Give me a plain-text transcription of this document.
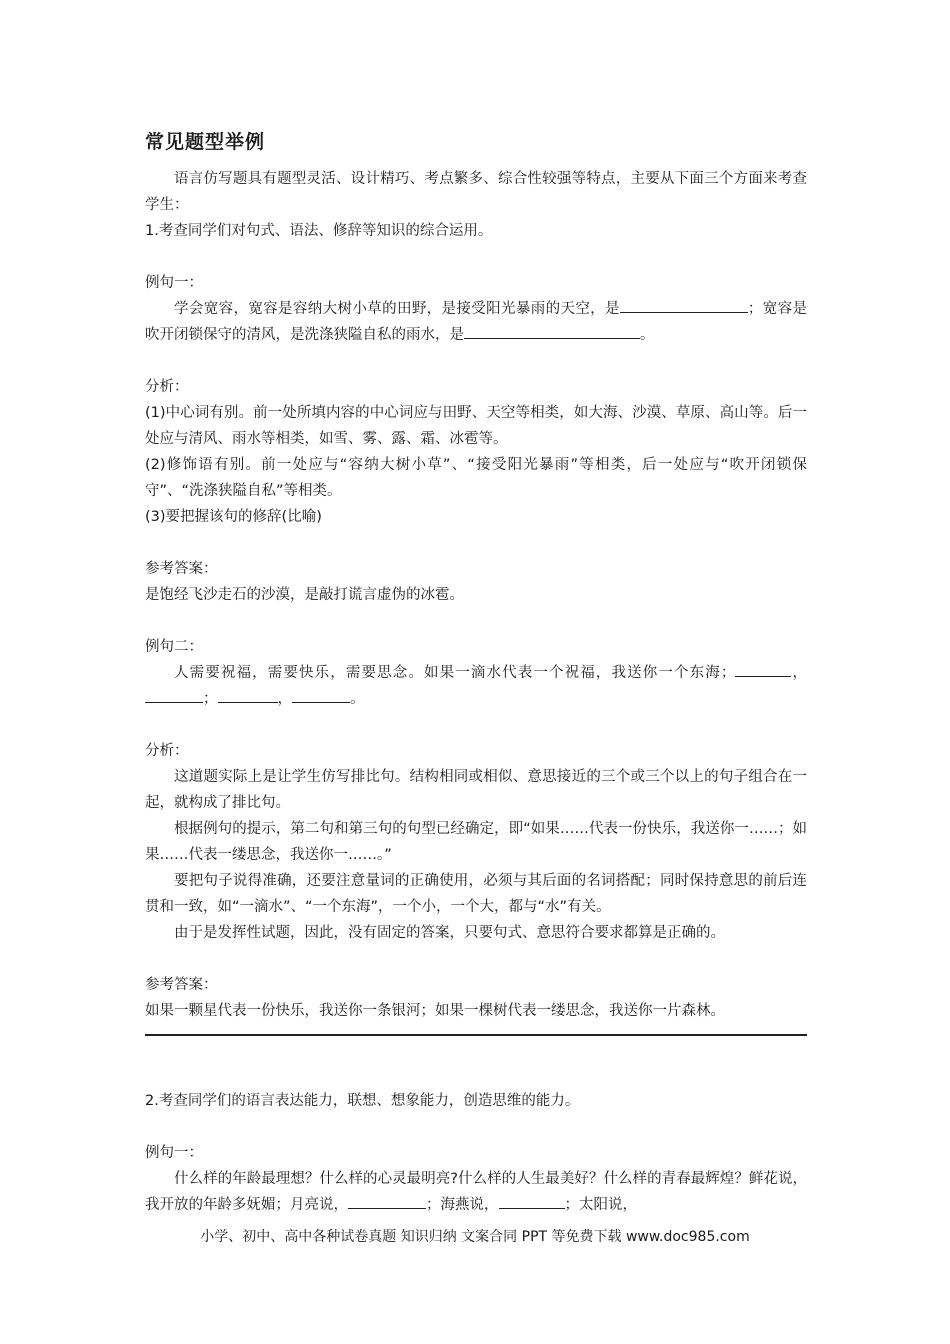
常见题型举例

语言仿写题具有题型灵活、设计精巧、考点繁多、综合性较强等特点，主要从下面三个方面来考查学生：

1.考查同学们对句式、语法、修辞等知识的综合运用。

例句一：

学会宽容，宽容是容纳大树小草的田野，是接受阳光暴雨的天空，是	；宽容是吹开闭锁保守的清风，是洗涤狭隘自私的雨水，是	。

分析：

(1)中心词有别。前一处所填内容的中心词应与田野、天空等相类，如大海、沙漠、草原、高山等。后一处应与清风、雨水等相类，如雪、雾、露、霜、冰雹等。

(2)修饰语有别。前一处应与“容纳大树小草”、“接受阳光暴雨”等相类，后一处应与“吹开闭锁保守”、“洗涤狭隘自私”等相类。

(3)要把握该句的修辞(比喻)

参考答案：

是饱经飞沙走石的沙漠，是敲打谎言虚伪的冰雹。

例句二：

人需要祝福，需要快乐，需要思念。如果一滴水代表一个祝福，我送你一个东海；	，；	，	。

分析：

这道题实际上是让学生仿写排比句。结构相同或相似、意思接近的三个或三个以上的句子组合在一起，就构成了排比句。

根据例句的提示，第二句和第三句的句型已经确定，即“如果……代表一份快乐，我送你一……；如果……代表一缕思念，我送你一……。”

要把句子说得准确，还要注意量词的正确使用，必须与其后面的名词搭配；同时保持意思的前后连贯和一致，如“一滴水”、“一个东海”，一个小，一个大，都与“水”有关。

由于是发挥性试题，因此，没有固定的答案，只要句式、意思符合要求都算是正确的。

参考答案：

如果一颗星代表一份快乐，我送你一条银河；如果一棵树代表一缕思念，我送你一片森林。

2.考查同学们的语言表达能力，联想、想象能力，创造思维的能力。

例句一：

什么样的年龄最理想？什么样的心灵最明亮?什么样的人生最美好？什么样的青春最辉煌？鲜花说，我开放的年龄多妩媚；月亮说，	；海燕说，	；太阳说，

小学、初中、高中各种试卷真题 知识归纳 文案合同 PPT 等免费下载 www.doc985.com
